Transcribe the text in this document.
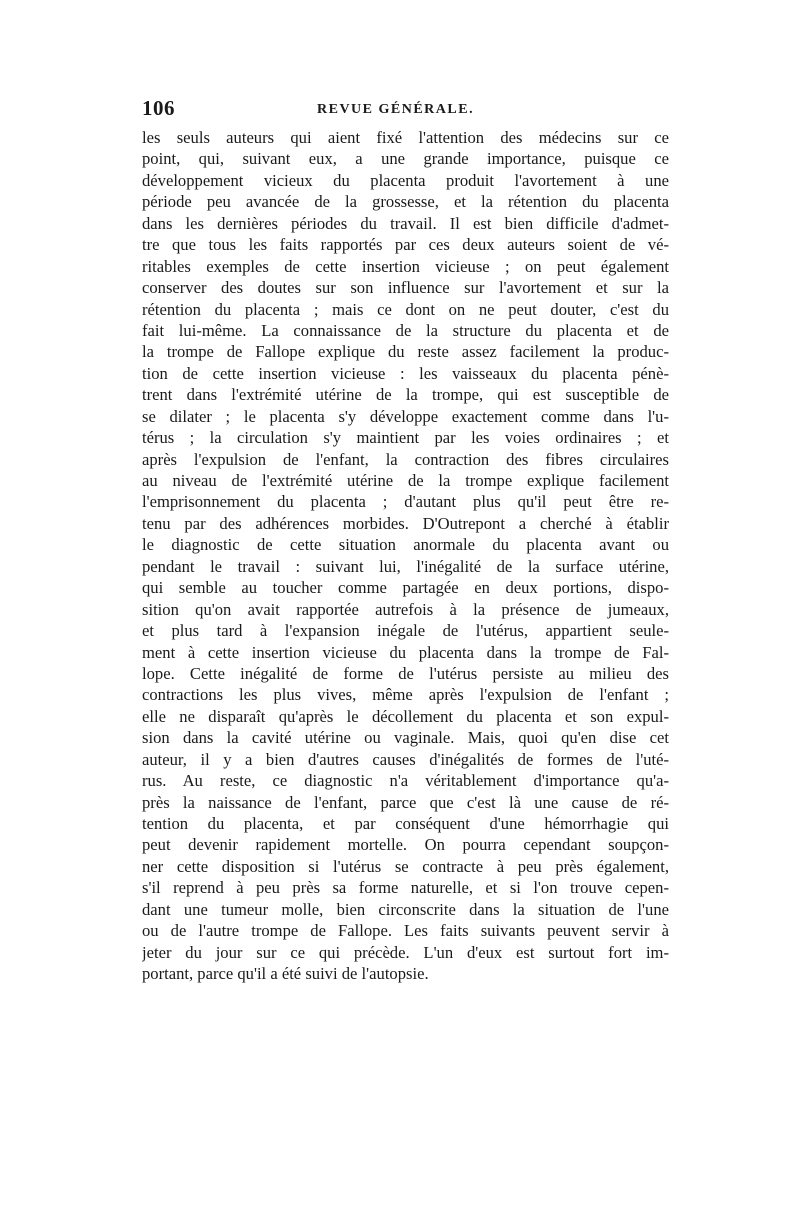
106	REVUE GÉNÉRALE.
les seuls auteurs qui aient fixé l'attention des médecins sur ce
point, qui, suivant eux, a une grande importance, puisque ce
développement vicieux du placenta produit l'avortement à une
période peu avancée de la grossesse, et la rétention du placenta
dans les dernières périodes du travail. Il est bien difficile d'admet-
tre que tous les faits rapportés par ces deux auteurs soient de vé-
ritables exemples de cette insertion vicieuse ; on peut également
conserver des doutes sur son influence sur l'avortement et sur la
rétention du placenta ; mais ce dont on ne peut douter, c'est du
fait lui-même. La connaissance de la structure du placenta et de
la trompe de Fallope explique du reste assez facilement la produc-
tion de cette insertion vicieuse : les vaisseaux du placenta pénè-
trent dans l'extrémité utérine de la trompe, qui est susceptible de
se dilater ; le placenta s'y développe exactement comme dans l'u-
térus ; la circulation s'y maintient par les voies ordinaires ; et
après l'expulsion de l'enfant, la contraction des fibres circulaires
au niveau de l'extrémité utérine de la trompe explique facilement
l'emprisonnement du placenta ; d'autant plus qu'il peut être re-
tenu par des adhérences morbides. D'Outrepont a cherché à établir
le diagnostic de cette situation anormale du placenta avant ou
pendant le travail : suivant lui, l'inégalité de la surface utérine,
qui semble au toucher comme partagée en deux portions, dispo-
sition qu'on avait rapportée autrefois à la présence de jumeaux,
et plus tard à l'expansion inégale de l'utérus, appartient seule-
ment à cette insertion vicieuse du placenta dans la trompe de Fal-
lope. Cette inégalité de forme de l'utérus persiste au milieu des
contractions les plus vives, même après l'expulsion de l'enfant ;
elle ne disparaît qu'après le décollement du placenta et son expul-
sion dans la cavité utérine ou vaginale. Mais, quoi qu'en dise cet
auteur, il y a bien d'autres causes d'inégalités de formes de l'uté-
rus. Au reste, ce diagnostic n'a véritablement d'importance qu'a-
près la naissance de l'enfant, parce que c'est là une cause de ré-
tention du placenta, et par conséquent d'une hémorrhagie qui
peut devenir rapidement mortelle. On pourra cependant soupçon-
ner cette disposition si l'utérus se contracte à peu près également,
s'il reprend à peu près sa forme naturelle, et si l'on trouve cepen-
dant une tumeur molle, bien circonscrite dans la situation de l'une
ou de l'autre trompe de Fallope. Les faits suivants peuvent servir à
jeter du jour sur ce qui précède. L'un d'eux est surtout fort im-
portant, parce qu'il a été suivi de l'autopsie.
